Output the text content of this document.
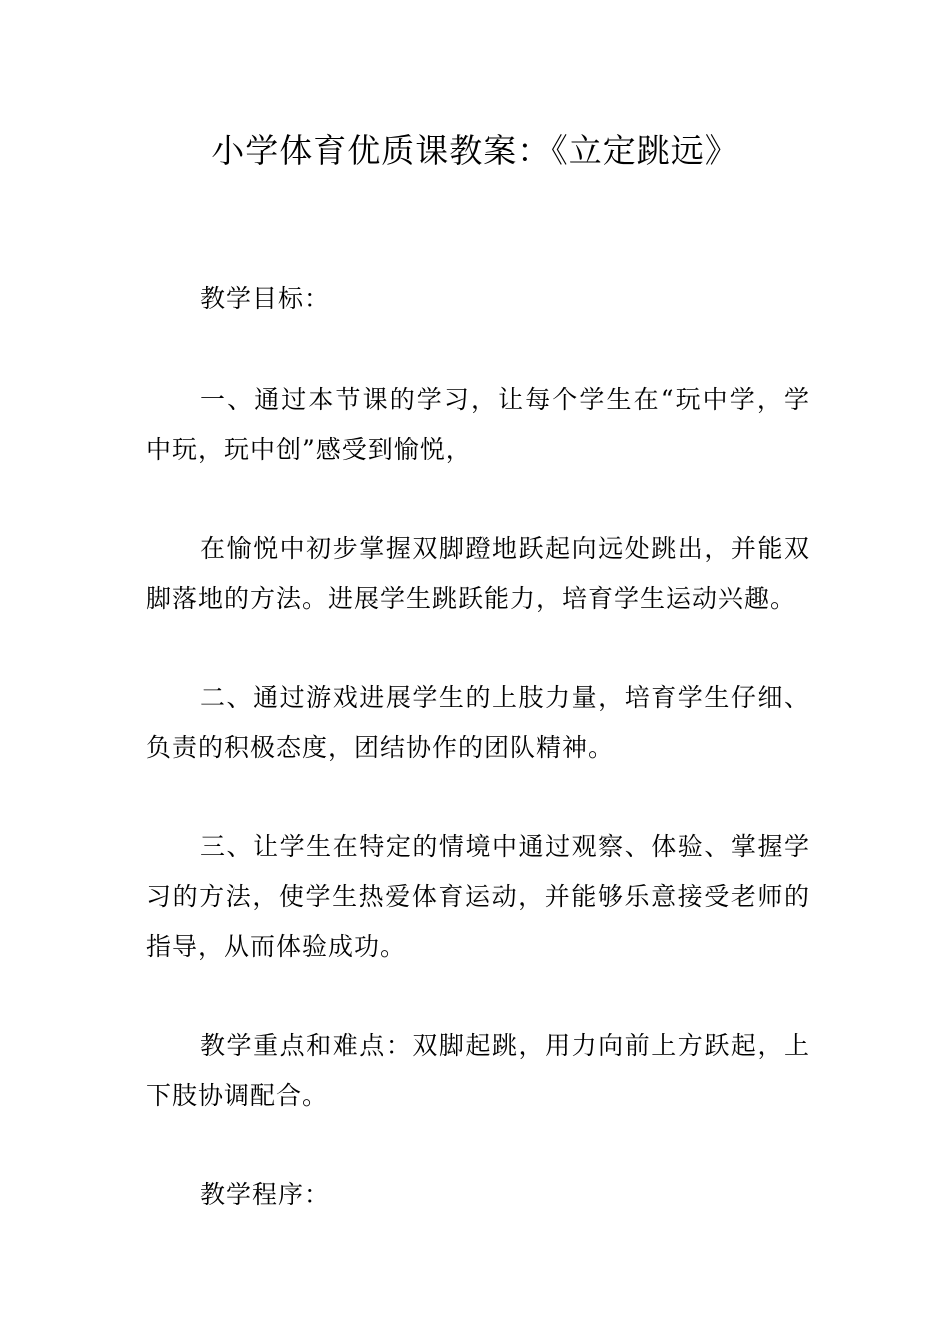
小学体育优质课教案：《立定跳远》

教学目标：

一、通过本节课的学习，让每个学生在“玩中学，学中玩，玩中创”感受到愉悦，

在愉悦中初步掌握双脚蹬地跃起向远处跳出，并能双脚落地的方法。进展学生跳跃能力，培育学生运动兴趣。

二、通过游戏进展学生的上肢力量，培育学生仔细、负责的积极态度，团结协作的团队精神。

三、让学生在特定的情境中通过观察、体验、掌握学习的方法，使学生热爱体育运动，并能够乐意接受老师的指导，从而体验成功。

教学重点和难点：双脚起跳，用力向前上方跃起，上下肢协调配合。

教学程序：
